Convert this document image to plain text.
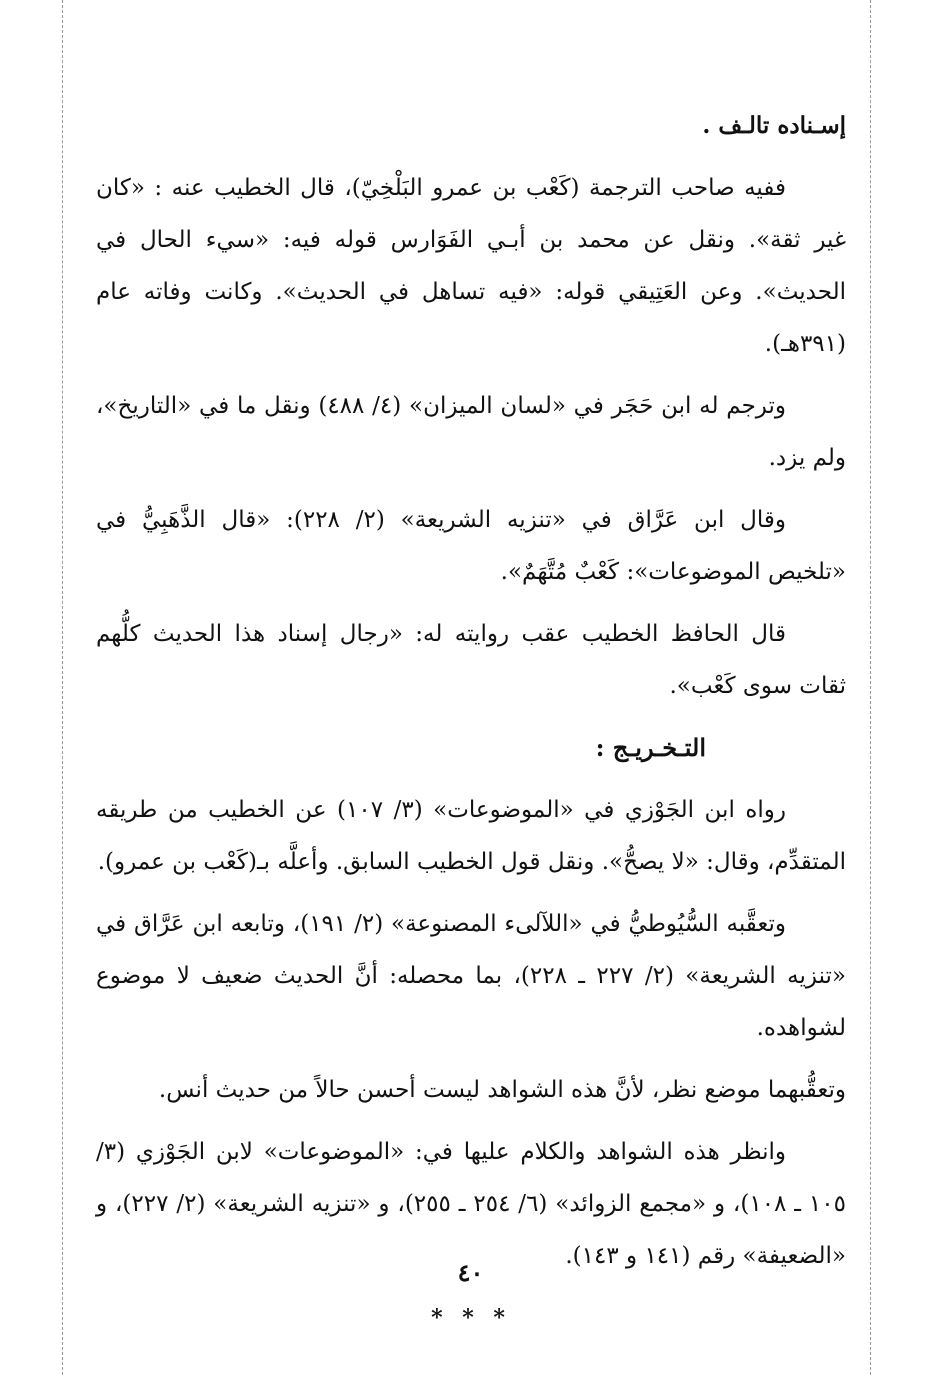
إسـناده تالـف .

ففيه صاحب الترجمة (كَعْب بن عمرو البَلْخِيّ)، قال الخطيب عنه : «كان غير ثقة». ونقل عن محمد بن أبـي الفَوَارس قوله فيه: «سيء الحال في الحديث». وعن العَتِيقي قوله: «فيه تساهل في الحديث». وكانت وفاته عام (٣٩١هـ).

وترجم له ابن حَجَر في «لسان الميزان» (٤/ ٤٨٨) ونقل ما في «التاريخ»، ولم يزد.

وقال ابن عَرَّاق في «تنزيه الشريعة» (٢/ ٢٢٨): «قال الذَّهَبِيُّ في «تلخيص الموضوعات»: كَعْبٌ مُتَّهَمٌ».

قال الحافظ الخطيب عقب روايته له: «رجال إسناد هذا الحديث كلُّهم ثقات سوى كَعْب».

التـخـريـج :

رواه ابن الجَوْزي في «الموضوعات» (٣/ ١٠٧) عن الخطيب من طريقه المتقدِّم، وقال: «لا يصحُّ». ونقل قول الخطيب السابق. وأعلَّه بـ(كَعْب بن عمرو).

وتعقَّبه السُّيُوطيُّ في «اللآلىء المصنوعة» (٢/ ١٩١)، وتابعه ابن عَرَّاق في «تنزيه الشريعة» (٢/ ٢٢٧ ـ ٢٢٨)، بما محصله: أنَّ الحديث ضعيف لا موضوع لشواهده.

وتعقُّبهما موضع نظر، لأنَّ هذه الشواهد ليست أحسن حالاً من حديث أنس.

وانظر هذه الشواهد والكلام عليها في: «الموضوعات» لابن الجَوْزي (٣/ ١٠٥ ـ ١٠٨)، و «مجمع الزوائد» (٦/ ٢٥٤ ـ ٢٥٥)، و «تنزيه الشريعة» (٢/ ٢٢٧)، و «الضعيفة» رقم (١٤١ و ١٤٣).

* * *
٤٠
